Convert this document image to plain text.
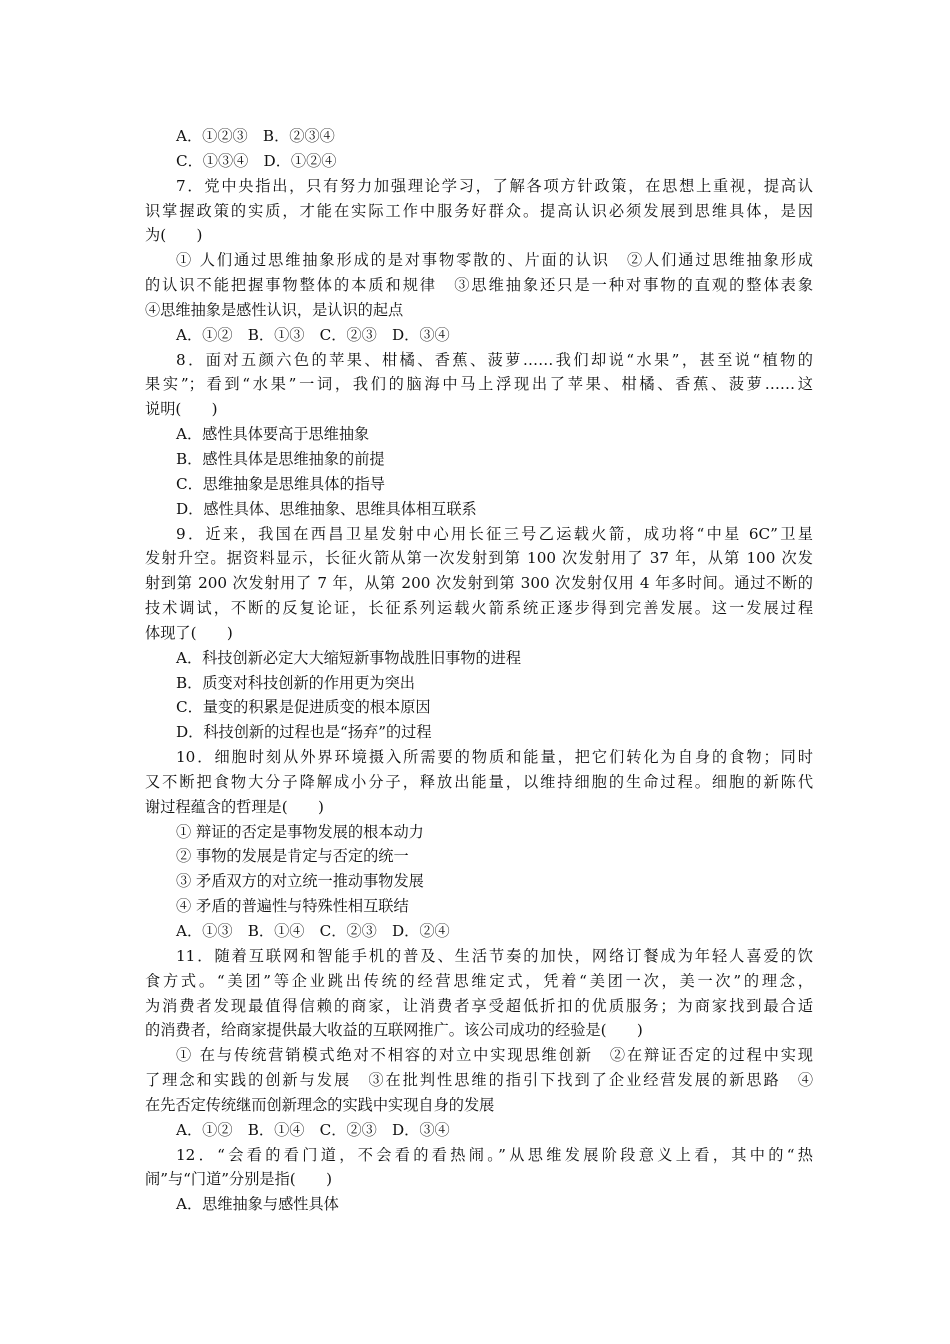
A．①②③　B．②③④
C．①③④　D．①②④
7．党中央指出，只有努力加强理论学习，了解各项方针政策，在思想上重视，提高认
识掌握政策的实质，才能在实际工作中服务好群众。提高认识必须发展到思维具体，是因
为(　　)
① 人们通过思维抽象形成的是对事物零散的、片面的认识　②人们通过思维抽象形成
的认识不能把握事物整体的本质和规律　③思维抽象还只是一种对事物的直观的整体表象
④思维抽象是感性认识，是认识的起点
A．①②　B．①③　C．②③　D．③④
8．面对五颜六色的苹果、柑橘、香蕉、菠萝……我们却说“水果”，甚至说“植物的
果实”；看到“水果”一词，我们的脑海中马上浮现出了苹果、柑橘、香蕉、菠萝……这
说明(　　)
A．感性具体要高于思维抽象
B．感性具体是思维抽象的前提
C．思维抽象是思维具体的指导
D．感性具体、思维抽象、思维具体相互联系
9．近来，我国在西昌卫星发射中心用长征三号乙运载火箭，成功将“中星 6C”卫星
发射升空。据资料显示，长征火箭从第一次发射到第 100 次发射用了 37 年，从第 100 次发
射到第 200 次发射用了 7 年，从第 200 次发射到第 300 次发射仅用 4 年多时间。通过不断的
技术调试，不断的反复论证，长征系列运载火箭系统正逐步得到完善发展。这一发展过程
体现了(　　)
A．科技创新必定大大缩短新事物战胜旧事物的进程
B．质变对科技创新的作用更为突出
C．量变的积累是促进质变的根本原因
D．科技创新的过程也是“扬弃”的过程
10．细胞时刻从外界环境摄入所需要的物质和能量，把它们转化为自身的食物；同时
又不断把食物大分子降解成小分子，释放出能量，以维持细胞的生命过程。细胞的新陈代
谢过程蕴含的哲理是(　　)
① 辩证的否定是事物发展的根本动力
② 事物的发展是肯定与否定的统一
③ 矛盾双方的对立统一推动事物发展
④ 矛盾的普遍性与特殊性相互联结
A．①③　B．①④　C．②③　D．②④
11．随着互联网和智能手机的普及、生活节奏的加快，网络订餐成为年轻人喜爱的饮
食方式。“美团”等企业跳出传统的经营思维定式，凭着“美团一次，美一次”的理念，
为消费者发现最值得信赖的商家，让消费者享受超低折扣的优质服务；为商家找到最合适
的消费者，给商家提供最大收益的互联网推广。该公司成功的经验是(　　)
① 在与传统营销模式绝对不相容的对立中实现思维创新　②在辩证否定的过程中实现
了理念和实践的创新与发展　③在批判性思维的指引下找到了企业经营发展的新思路　④
在先否定传统继而创新理念的实践中实现自身的发展
A．①②　B．①④　C．②③　D．③④
12．“会看的看门道，不会看的看热闹。”从思维发展阶段意义上看，其中的“热
闹”与“门道”分别是指(　　)
A．思维抽象与感性具体
